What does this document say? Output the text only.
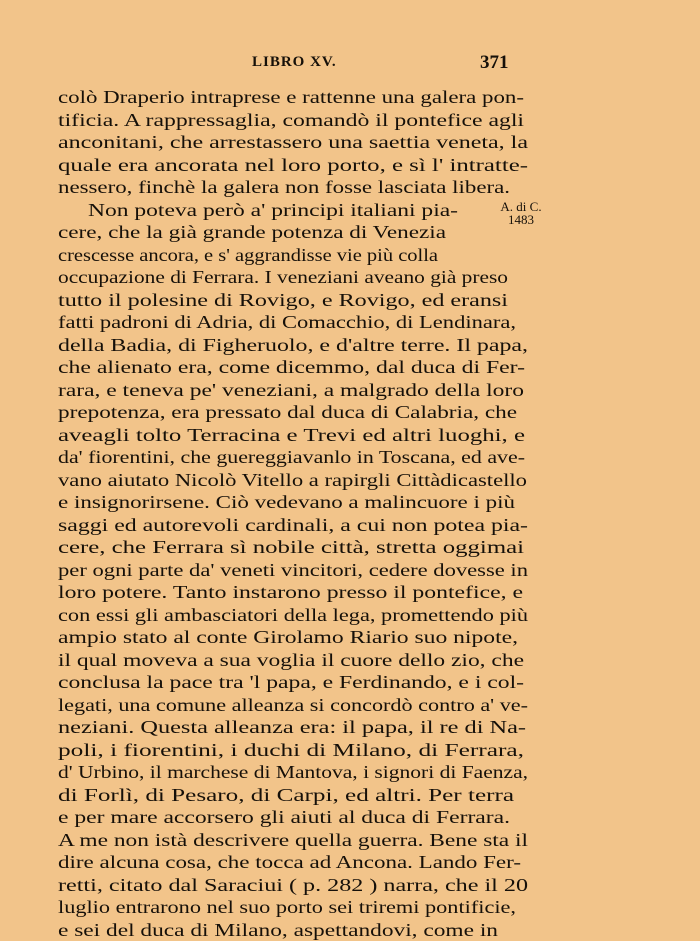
LIBRO XV.	371
A. di C.
1483
colò Draperio intraprese e rattenne una galera pon-
tificia. A rappressaglia, comandò il pontefice agli
anconitani, che arrestassero una saettia veneta, la
quale era ancorata nel loro porto, e sì l' intratte-
nessero, finchè la galera non fosse lasciata libera.
Non poteva però a' principi italiani pia-
cere, che la già grande potenza di Venezia
crescesse ancora, e s' aggrandisse vie più colla
occupazione di Ferrara. I veneziani aveano già preso
tutto il polesine di Rovigo, e Rovigo, ed eransi
fatti padroni di Adria, di Comacchio, di Lendinara,
della Badia, di Figheruolo, e d'altre terre. Il papa,
che alienato era, come dicemmo, dal duca di Fer-
rara, e teneva pe' veneziani, a malgrado della loro
prepotenza, era pressato dal duca di Calabria, che
aveagli tolto Terracina e Trevi ed altri luoghi, e
da' fiorentini, che guereggiavanlo in Toscana, ed ave-
vano aiutato Nicolò Vitello a rapirgli Cittàdicastello
e insignorirsene. Ciò vedevano a malincuore i più
saggi ed autorevoli cardinali, a cui non potea pia-
cere, che Ferrara sì nobile città, stretta oggimai
per ogni parte da' veneti vincitori, cedere dovesse in
loro potere. Tanto instarono presso il pontefice, e
con essi gli ambasciatori della lega, promettendo più
ampio stato al conte Girolamo Riario suo nipote,
il qual moveva a sua voglia il cuore dello zio, che
conclusa la pace tra 'l papa, e Ferdinando, e i col-
legati, una comune alleanza si concordò contro a' ve-
neziani. Questa alleanza era: il papa, il re di Na-
poli, i fiorentini, i duchi di Milano, di Ferrara,
d' Urbino, il marchese di Mantova, i signori di Faenza,
di Forlì, di Pesaro, di Carpi, ed altri. Per terra
e per mare accorsero gli aiuti al duca di Ferrara.
A me non istà descrivere quella guerra. Bene sta il
dire alcuna cosa, che tocca ad Ancona. Lando Fer-
retti, citato dal Saraciui ( p. 282 ) narra, che il 20
luglio entrarono nel suo porto sei triremi pontificie,
e sei del duca di Milano, aspettandovi, come in
